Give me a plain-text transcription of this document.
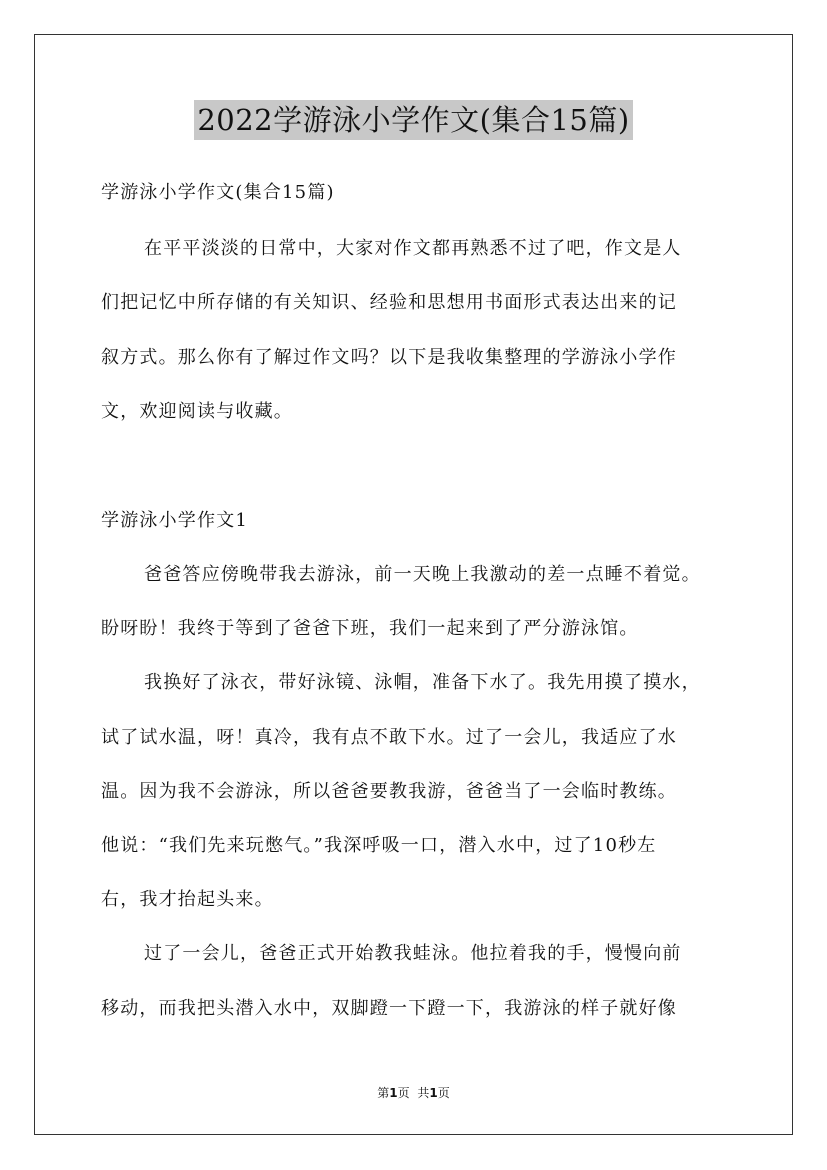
2022学游泳小学作文(集合15篇)
学游泳小学作文(集合15篇)
在平平淡淡的日常中，大家对作文都再熟悉不过了吧，作文是人
们把记忆中所存储的有关知识、经验和思想用书面形式表达出来的记
叙方式。那么你有了解过作文吗？以下是我收集整理的学游泳小学作
文，欢迎阅读与收藏。
学游泳小学作文1
爸爸答应傍晚带我去游泳，前一天晚上我激动的差一点睡不着觉。
盼呀盼！我终于等到了爸爸下班，我们一起来到了严分游泳馆。
我换好了泳衣，带好泳镜、泳帽，准备下水了。我先用摸了摸水，
试了试水温，呀！真冷，我有点不敢下水。过了一会儿，我适应了水
温。因为我不会游泳，所以爸爸要教我游，爸爸当了一会临时教练。
他说：“我们先来玩憋气。”我深呼吸一口，潜入水中，过了10秒左
右，我才抬起头来。
过了一会儿，爸爸正式开始教我蛙泳。他拉着我的手，慢慢向前
移动，而我把头潜入水中，双脚蹬一下蹬一下，我游泳的样子就好像
第1页 共1页
